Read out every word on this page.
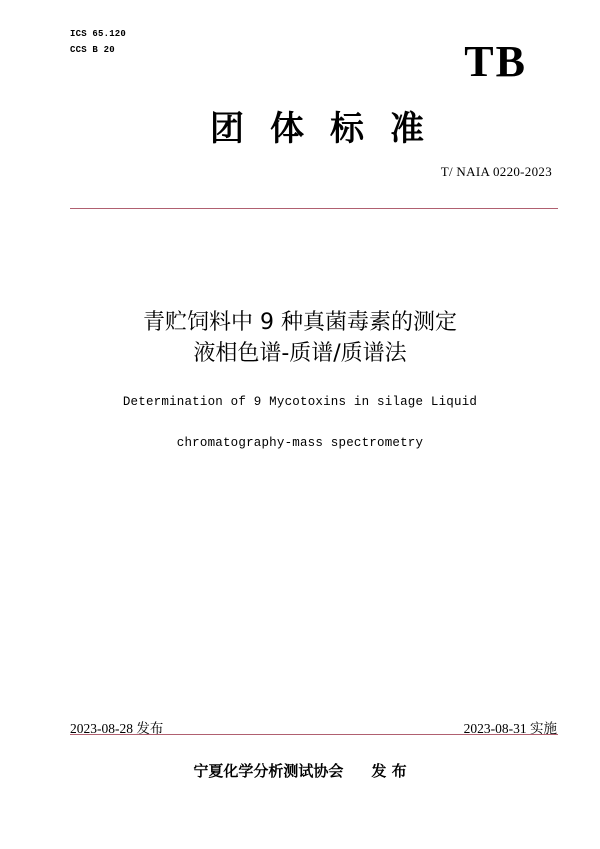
ICS 65.120
CCS B 20	TB
团体标准
T/ NAIA 0220-2023
青贮饲料中 9 种真菌毒素的测定
液相色谱-质谱/质谱法
Determination of 9 Mycotoxins in silage Liquid
chromatography-mass spectrometry
2023-08-28 发布	2023-08-31 实施
宁夏化学分析测试协会 发 布
